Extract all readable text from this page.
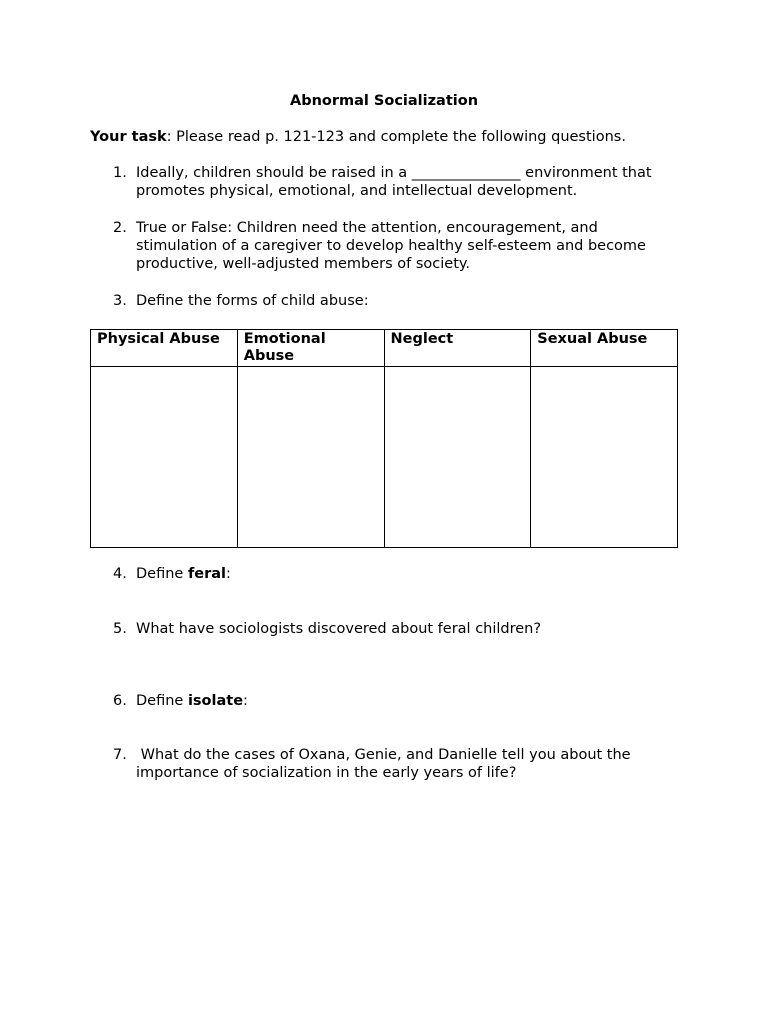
Abnormal Socialization
Your task: Please read p. 121-123 and complete the following questions.
1. Ideally, children should be raised in a _______________ environment that promotes physical, emotional, and intellectual development.
2. True or False: Children need the attention, encouragement, and stimulation of a caregiver to develop healthy self-esteem and become productive, well-adjusted members of society.
3. Define the forms of child abuse:
Physical Abuse	Emotional Abuse	Neglect	Sexual Abuse

4. Define feral:
5. What have sociologists discovered about feral children?
6. Define isolate:
7. What do the cases of Oxana, Genie, and Danielle tell you about the importance of socialization in the early years of life?
